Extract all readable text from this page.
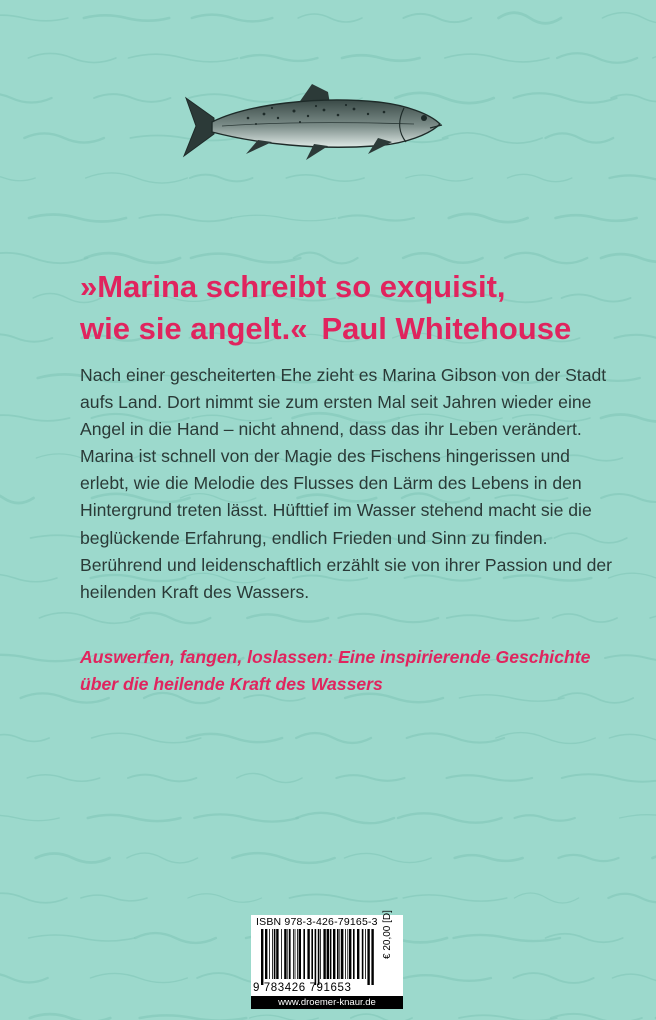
»Marina schreibt so exquisit,
wie sie angelt.« Paul Whitehouse

Nach einer gescheiterten Ehe zieht es Marina Gibson von der Stadt aufs Land. Dort nimmt sie zum ersten Mal seit Jahren wieder eine Angel in die Hand – nicht ahnend, dass das ihr Leben verändert. Marina ist schnell von der Magie des Fischens hingerissen und erlebt, wie die Melodie des Flusses den Lärm des Lebens in den Hintergrund treten lässt. Hüfttief im Wasser stehend macht sie die beglückende Erfahrung, endlich Frieden und Sinn zu finden. Berührend und leidenschaftlich erzählt sie von ihrer Passion und der heilenden Kraft des Wassers.

Auswerfen, fangen, loslassen: Eine inspirierende Geschichte
über die heilende Kraft des Wassers

ISBN 978-3-426-79165-3
9 783426 791653
€ 20,00 [D]
www.droemer-knaur.de
